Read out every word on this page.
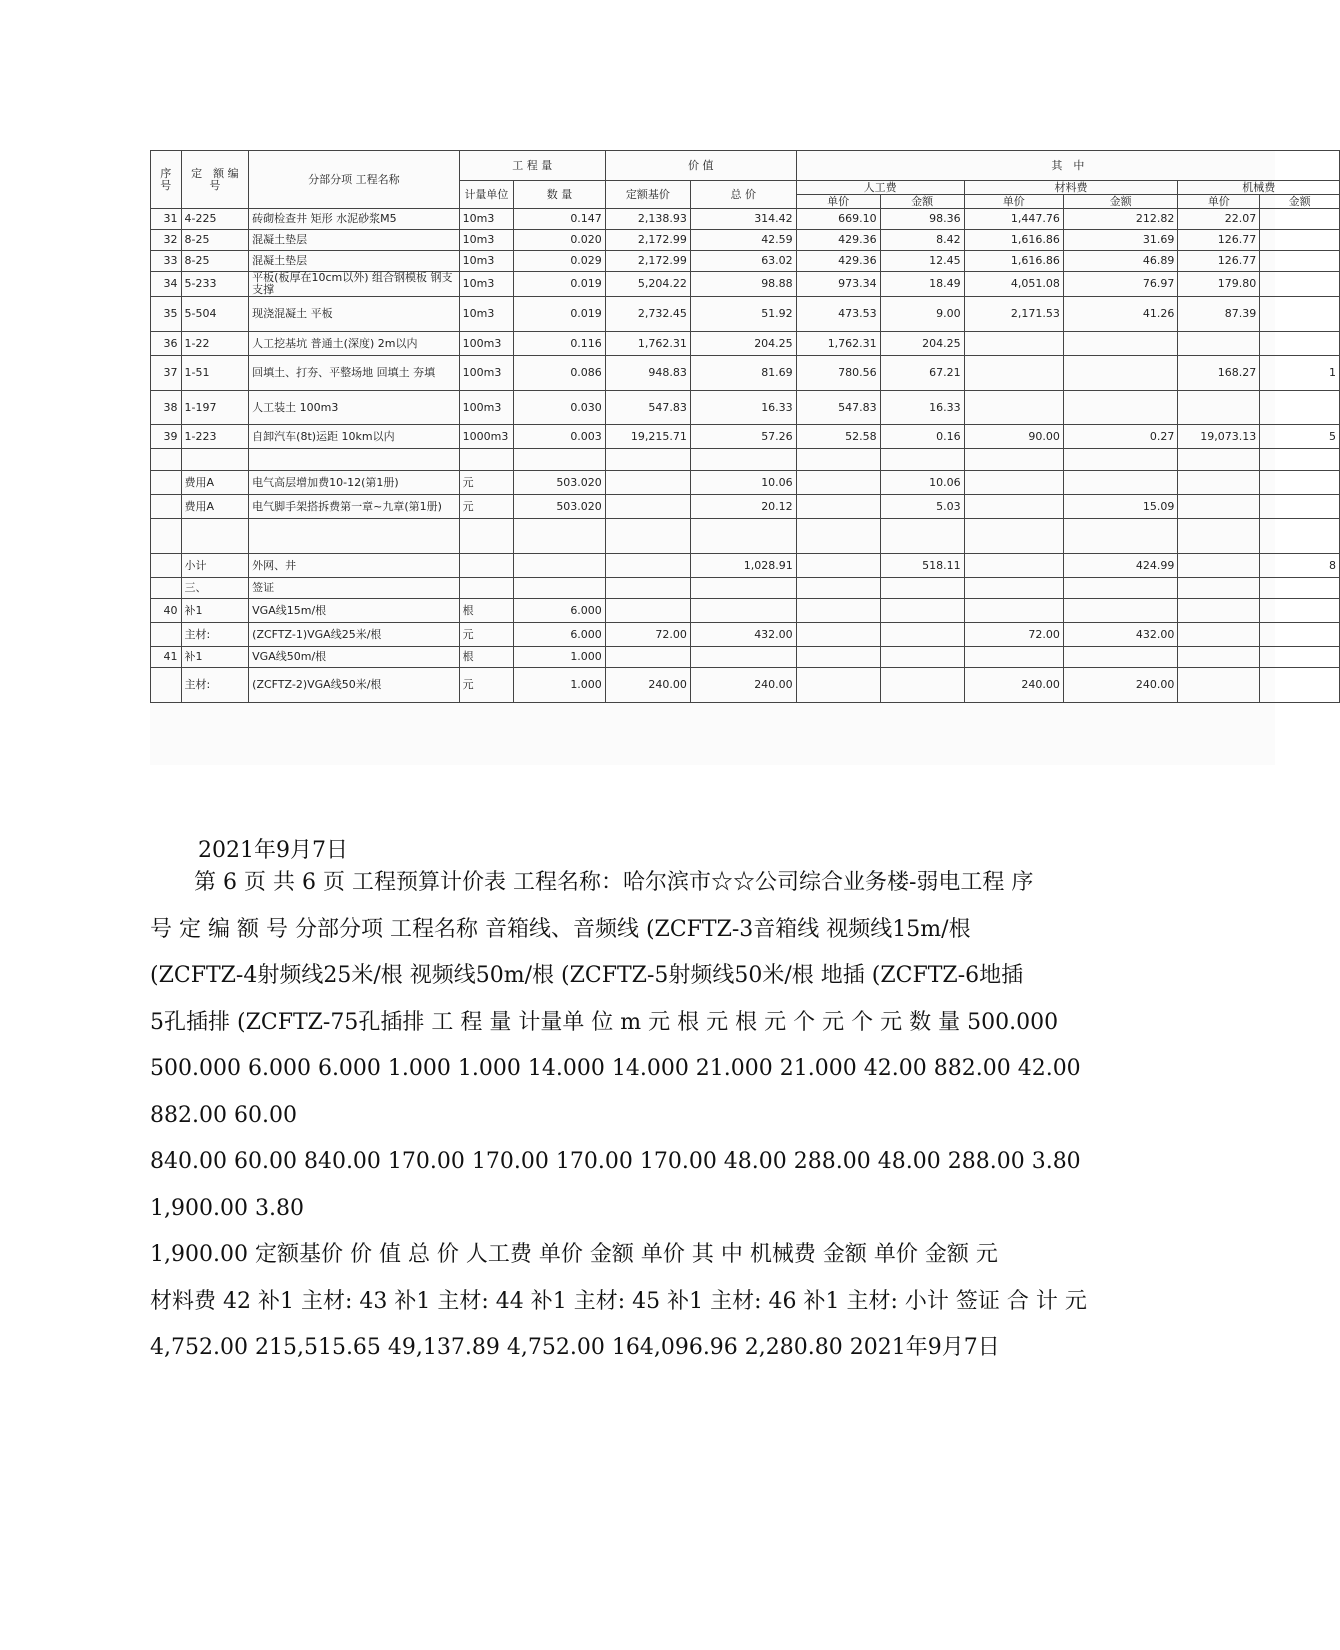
序 号	定　额 编　号	分部分项 工程名称	工 程 量		价 值		其　中					
			计量单位	数 量	定额基价	总 价	人工费		材料费		机械费	
							单价	金额	单价	金额	单价	金额
31	4-225	砖砌检查井 矩形 水泥砂浆M5	10m3	0.147	2,138.93	314.42	669.10	98.36	1,447.76	212.82	22.07	
32	8-25	混凝土垫层	10m3	0.020	2,172.99	42.59	429.36	8.42	1,616.86	31.69	126.77	
33	8-25	混凝土垫层	10m3	0.029	2,172.99	63.02	429.36	12.45	1,616.86	46.89	126.77	
34	5-233	平板(板厚在10cm以外) 组合钢模板 钢支支撑	10m3	0.019	5,204.22	98.88	973.34	18.49	4,051.08	76.97	179.80	
35	5-504	现浇混凝土 平板	10m3	0.019	2,732.45	51.92	473.53	9.00	2,171.53	41.26	87.39	
36	1-22	人工挖基坑 普通土(深度) 2m以内	100m3	0.116	1,762.31	204.25	1,762.31	204.25				
37	1-51	回填土、打夯、平整场地 回填土 夯填	100m3	0.086	948.83	81.69	780.56	67.21			168.27	1
38	1-197	人工装土 100m3	100m3	0.030	547.83	16.33	547.83	16.33				
39	1-223	自卸汽车(8t)运距 10km以内	1000m3	0.003	19,215.71	57.26	52.58	0.16	90.00	0.27	19,073.13	5

	费用A	电气高层增加费10-12(第1册)	元	503.020		10.06		10.06				
	费用A	电气脚手架搭拆费第一章~九章(第1册)	元	503.020		20.12		5.03		15.09		

	小计	外网、井				1,028.91		518.11		424.99		8
	三、	签证										
40	补1	VGA线15m/根	根	6.000								
	主材:	(ZCFTZ-1)VGA线25米/根	元	6.000	72.00	432.00			72.00	432.00		
41	补1	VGA线50m/根	根	1.000								
	主材:	(ZCFTZ-2)VGA线50米/根	元	1.000	240.00	240.00			240.00	240.00		
2021年9月7日
第 6 页 共 6 页 工程预算计价表 工程名称：哈尔滨市☆☆公司综合业务楼-弱电工程 序
号 定 编 额 号 分部分项 工程名称 音箱线、音频线 (ZCFTZ-3音箱线 视频线15m/根
(ZCFTZ-4射频线25米/根 视频线50m/根 (ZCFTZ-5射频线50米/根 地插 (ZCFTZ-6地插
5孔插排 (ZCFTZ-75孔插排 工 程 量 计量单 位 m 元 根 元 根 元 个 元 个 元 数 量 500.000
500.000 6.000 6.000 1.000 1.000 14.000 14.000 21.000 21.000 42.00 882.00 42.00 882.00 60.00
840.00 60.00 840.00 170.00 170.00 170.00 170.00 48.00 288.00 48.00 288.00 3.80 1,900.00 3.80
1,900.00 定额基价 价 值 总 价 人工费 单价 金额 单价 其 中 机械费 金额 单价 金额 元
材料费 42 补1 主材: 43 补1 主材: 44 补1 主材: 45 补1 主材: 46 补1 主材: 小计 签证 合 计 元
4,752.00 215,515.65 49,137.89 4,752.00 164,096.96 2,280.80 2021年9月7日
